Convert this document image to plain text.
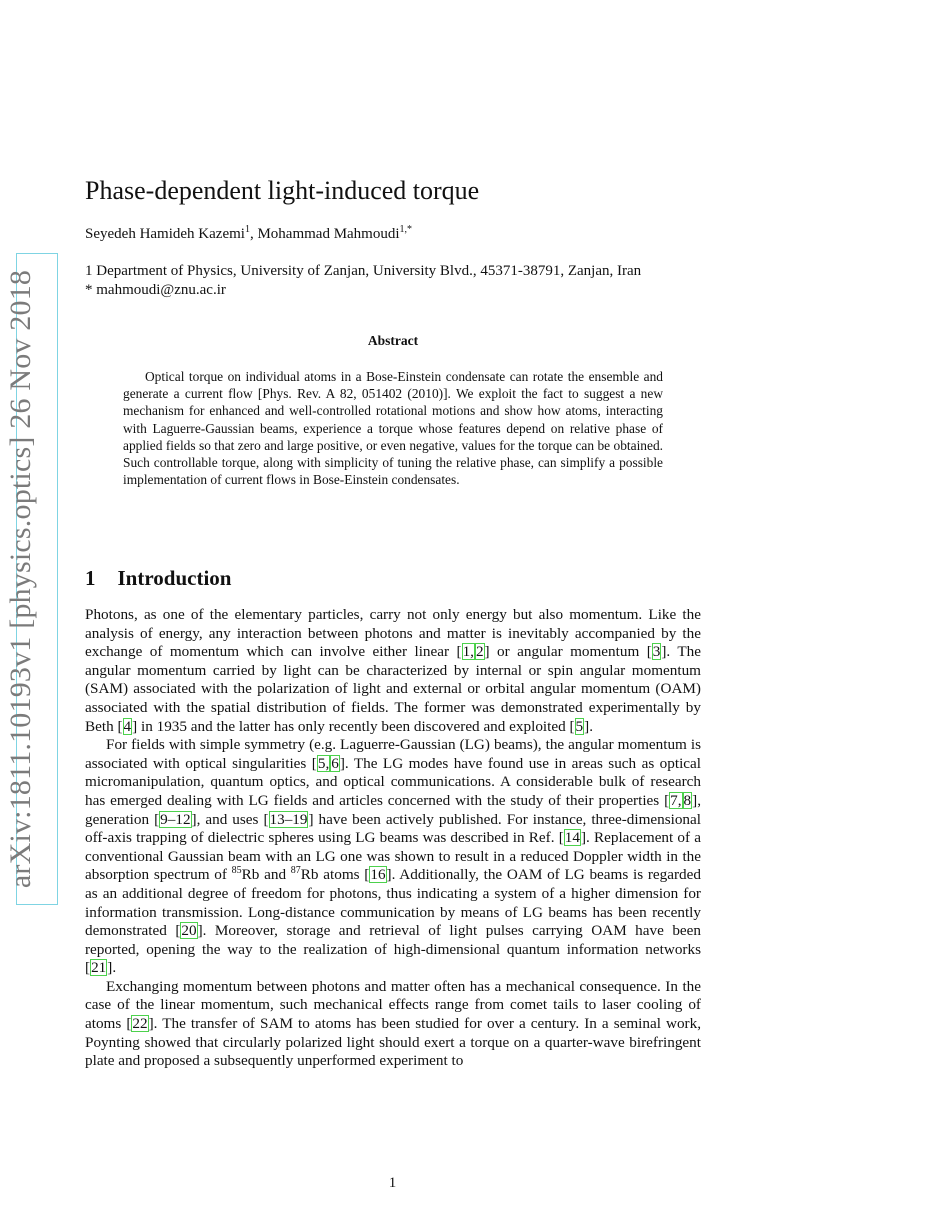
arXiv:1811.10193v1 [physics.optics] 26 Nov 2018
Phase-dependent light-induced torque
Seyedeh Hamideh Kazemi$^1$, Mohammad Mahmoudi$^{1,*}$
1 Department of Physics, University of Zanjan, University Blvd., 45371-38791, Zanjan, Iran
* mahmoudi@znu.ac.ir
Abstract

Optical torque on individual atoms in a Bose-Einstein condensate can rotate the ensemble and generate a current flow [Phys. Rev. A 82, 051402 (2010)]. We exploit the fact to suggest a new mechanism for enhanced and well-controlled rotational motions and show how atoms, interacting with Laguerre-Gaussian beams, experience a torque whose features depend on relative phase of applied fields so that zero and large positive, or even negative, values for the torque can be obtained. Such controllable torque, along with simplicity of tuning the relative phase, can simplify a possible implementation of current flows in Bose-Einstein condensates.

1 Introduction

Photons, as one of the elementary particles, carry not only energy but also momentum. Like the analysis of energy, any interaction between photons and matter is inevitably accompanied by the exchange of momentum which can involve either linear [1, 2] or angular momentum [3]. The angular momentum carried by light can be characterized by internal or spin angular momentum (SAM) associated with the polarization of light and external or orbital angular momentum (OAM) associated with the spatial distribution of fields. The former was demonstrated experimentally by Beth [4] in 1935 and the latter has only recently been discovered and exploited [5].

For fields with simple symmetry (e.g. Laguerre-Gaussian (LG) beams), the angular momentum is associated with optical singularities [5, 6]. The LG modes have found use in areas such as optical micromanipulation, quantum optics, and optical communications. A considerable bulk of research has emerged dealing with LG fields and articles concerned with the study of their properties [7, 8], generation [9–12], and uses [13–19] have been actively published. For instance, three-dimensional off-axis trapping of dielectric spheres using LG beams was described in Ref. [14]. Replacement of a conventional Gaussian beam with an LG one was shown to result in a reduced Doppler width in the absorption spectrum of $^{85}$Rb and $^{87}$Rb atoms [16]. Additionally, the OAM of LG beams is regarded as an additional degree of freedom for photons, thus indicating a system of a higher dimension for information transmission. Long-distance communication by means of LG beams has been recently demonstrated [20]. Moreover, storage and retrieval of light pulses carrying OAM have been reported, opening the way to the realization of high-dimensional quantum information networks [21].

Exchanging momentum between photons and matter often has a mechanical consequence. In the case of the linear momentum, such mechanical effects range from comet tails to laser cooling of atoms [22]. The transfer of SAM to atoms has been studied for over a century. In a seminal work, Poynting showed that circularly polarized light should exert a torque on a quarter-wave birefringent plate and proposed a subsequently unperformed experiment to

1
